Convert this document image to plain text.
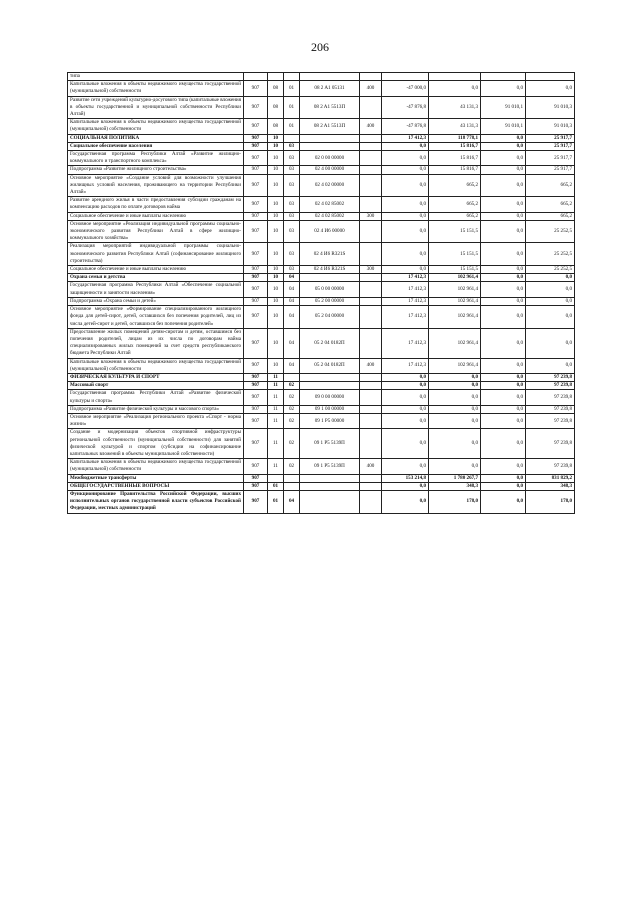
206
типа									
Капитальные вложения в объекты недвижимого имущества государственной (муниципальной) собственности	907	08	01	08 2 A1 05131	400	-47 000,0	0,0	0,0	0,0
Развитие сети учреждений культурно-досугового типа (капитальные вложения в объекты государственной и муниципальной собственности Республики Алтай)	907	08	01	08 2 A1 5513П		-47 876,8	43 131,3	91 010,1	91 010,3
Капитальные вложения в объекты недвижимого имущества государственной (муниципальной) собственности	907	08	01	08 2 A1 5513П	400	-47 876,8	43 131,3	91 010,1	91 010,3
СОЦИАЛЬНАЯ ПОЛИТИКА	907	10				17 412,3	118 778,1	0,0	25 917,7
Социальное обеспечение населения	907	10	03			0,0	15 816,7	0,0	25 917,7
Государственная программа Республики Алтай «Развитие жилищно-коммунального и транспортного комплекса»	907	10	03	02 0 00 00000		0,0	15 816,7	0,0	25 917,7
Подпрограмма «Развитие жилищного строительства»	907	10	03	02 4 00 00000		0,0	15 816,7	0,0	25 917,7
Основное мероприятие «Создание условий для возможности улучшения жилищных условий населения, проживающего на территории Республики Алтай»	907	10	03	02 4 02 00000		0,0	665,2	0,0	665,2
Развитие арендного жилья в части предоставления субсидии гражданам на компенсацию расходов по оплате договоров найма	907	10	03	02 4 02 85002		0,0	665,2	0,0	665,2
Социальное обеспечение и иные выплаты населению	907	10	03	02 4 02 85002	300	0,0	665,2	0,0	665,2
Основное мероприятие «Реализация индивидуальной программы социально-экономического развития Республики Алтай в сфере жилищно-коммунального хозяйства»	907	10	03	02 4 И6 00000		0,0	15 151,5	0,0	25 252,5
Реализация мероприятий индивидуальной программы социально-экономического развития Республики Алтай (софинансирование жилищного строительства)	907	10	03	02 4 И6 R321S		0,0	15 151,5	0,0	25 252,5
Социальное обеспечение и иные выплаты населению	907	10	03	02 4 И6 R321S	300	0,0	15 151,5	0,0	25 252,5
Охрана семьи и детства	907	10	04			17 412,3	102 961,4	0,0	0,0
Государственная программа Республики Алтай «Обеспечение социальной защищенности и занятости населения»	907	10	04	05 0 00 00000		17 412,3	102 961,4	0,0	0,0
Подпрограмма «Охрана семьи и детей»	907	10	04	05 2 00 00000		17 412,3	102 961,4	0,0	0,0
Основное мероприятие «Формирование специализированного жилищного фонда для детей-сирот, детей, оставшихся без попечения родителей, лиц из числа детей-сирот и детей, оставшихся без попечения родителей»	907	10	04	05 2 04 00000		17 412,3	102 961,4	0,0	0,0
Предоставление жилых помещений детям-сиротам и детям, оставшимся без попечения родителей, лицам из их числа по договорам найма специализированных жилых помещений за счет средств республиканского бюджета Республики Алтай	907	10	04	05 2 04 0182П		17 412,3	102 961,4	0,0	0,0
Капитальные вложения в объекты недвижимого имущества государственной (муниципальной) собственности	907	10	04	05 2 04 0182П	400	17 412,3	102 961,4	0,0	0,0
ФИЗИЧЕСКАЯ КУЛЬТУРА И СПОРТ	907	11				0,0	0,0	0,0	97 239,8
Массовый спорт	907	11	02			0,0	0,0	0,0	97 239,8
Государственная программа Республики Алтай «Развитие физической культуры и спорта»	907	11	02	09 0 00 00000		0,0	0,0	0,0	97 239,8
Подпрограмма «Развитие физической культуры и массового спорта»	907	11	02	09 1 00 00000		0,0	0,0	0,0	97 239,8
Основное мероприятие «Реализация регионального проекта «Спорт - норма жизни»	907	11	02	09 1 P5 00000		0,0	0,0	0,0	97 239,8
Создание и модернизация объектов спортивной инфраструктуры региональной собственности (муниципальной собственности) для занятий физической культурой и спортом (субсидии на софинансирование капитальных вложений в объекты муниципальной собственности)	907	11	02	09 1 P5 5139П		0,0	0,0	0,0	97 239,8
Капитальные вложения в объекты недвижимого имущества государственной (муниципальной) собственности	907	11	02	09 1 P5 5139П	400	0,0	0,0	0,0	97 239,8
Межбюджетные трансферты	907					153 214,8	1 780 267,7	0,0	831 829,2
ОБЩЕГОСУДАРСТВЕННЫЕ ВОПРОСЫ	907	01				0,0	348,3	0,0	348,3
Функционирование Правительства Российской Федерации, высших исполнительных органов государственной власти субъектов Российской Федерации, местных администраций	907	01	04			0,0	178,0	0,0	178,0
